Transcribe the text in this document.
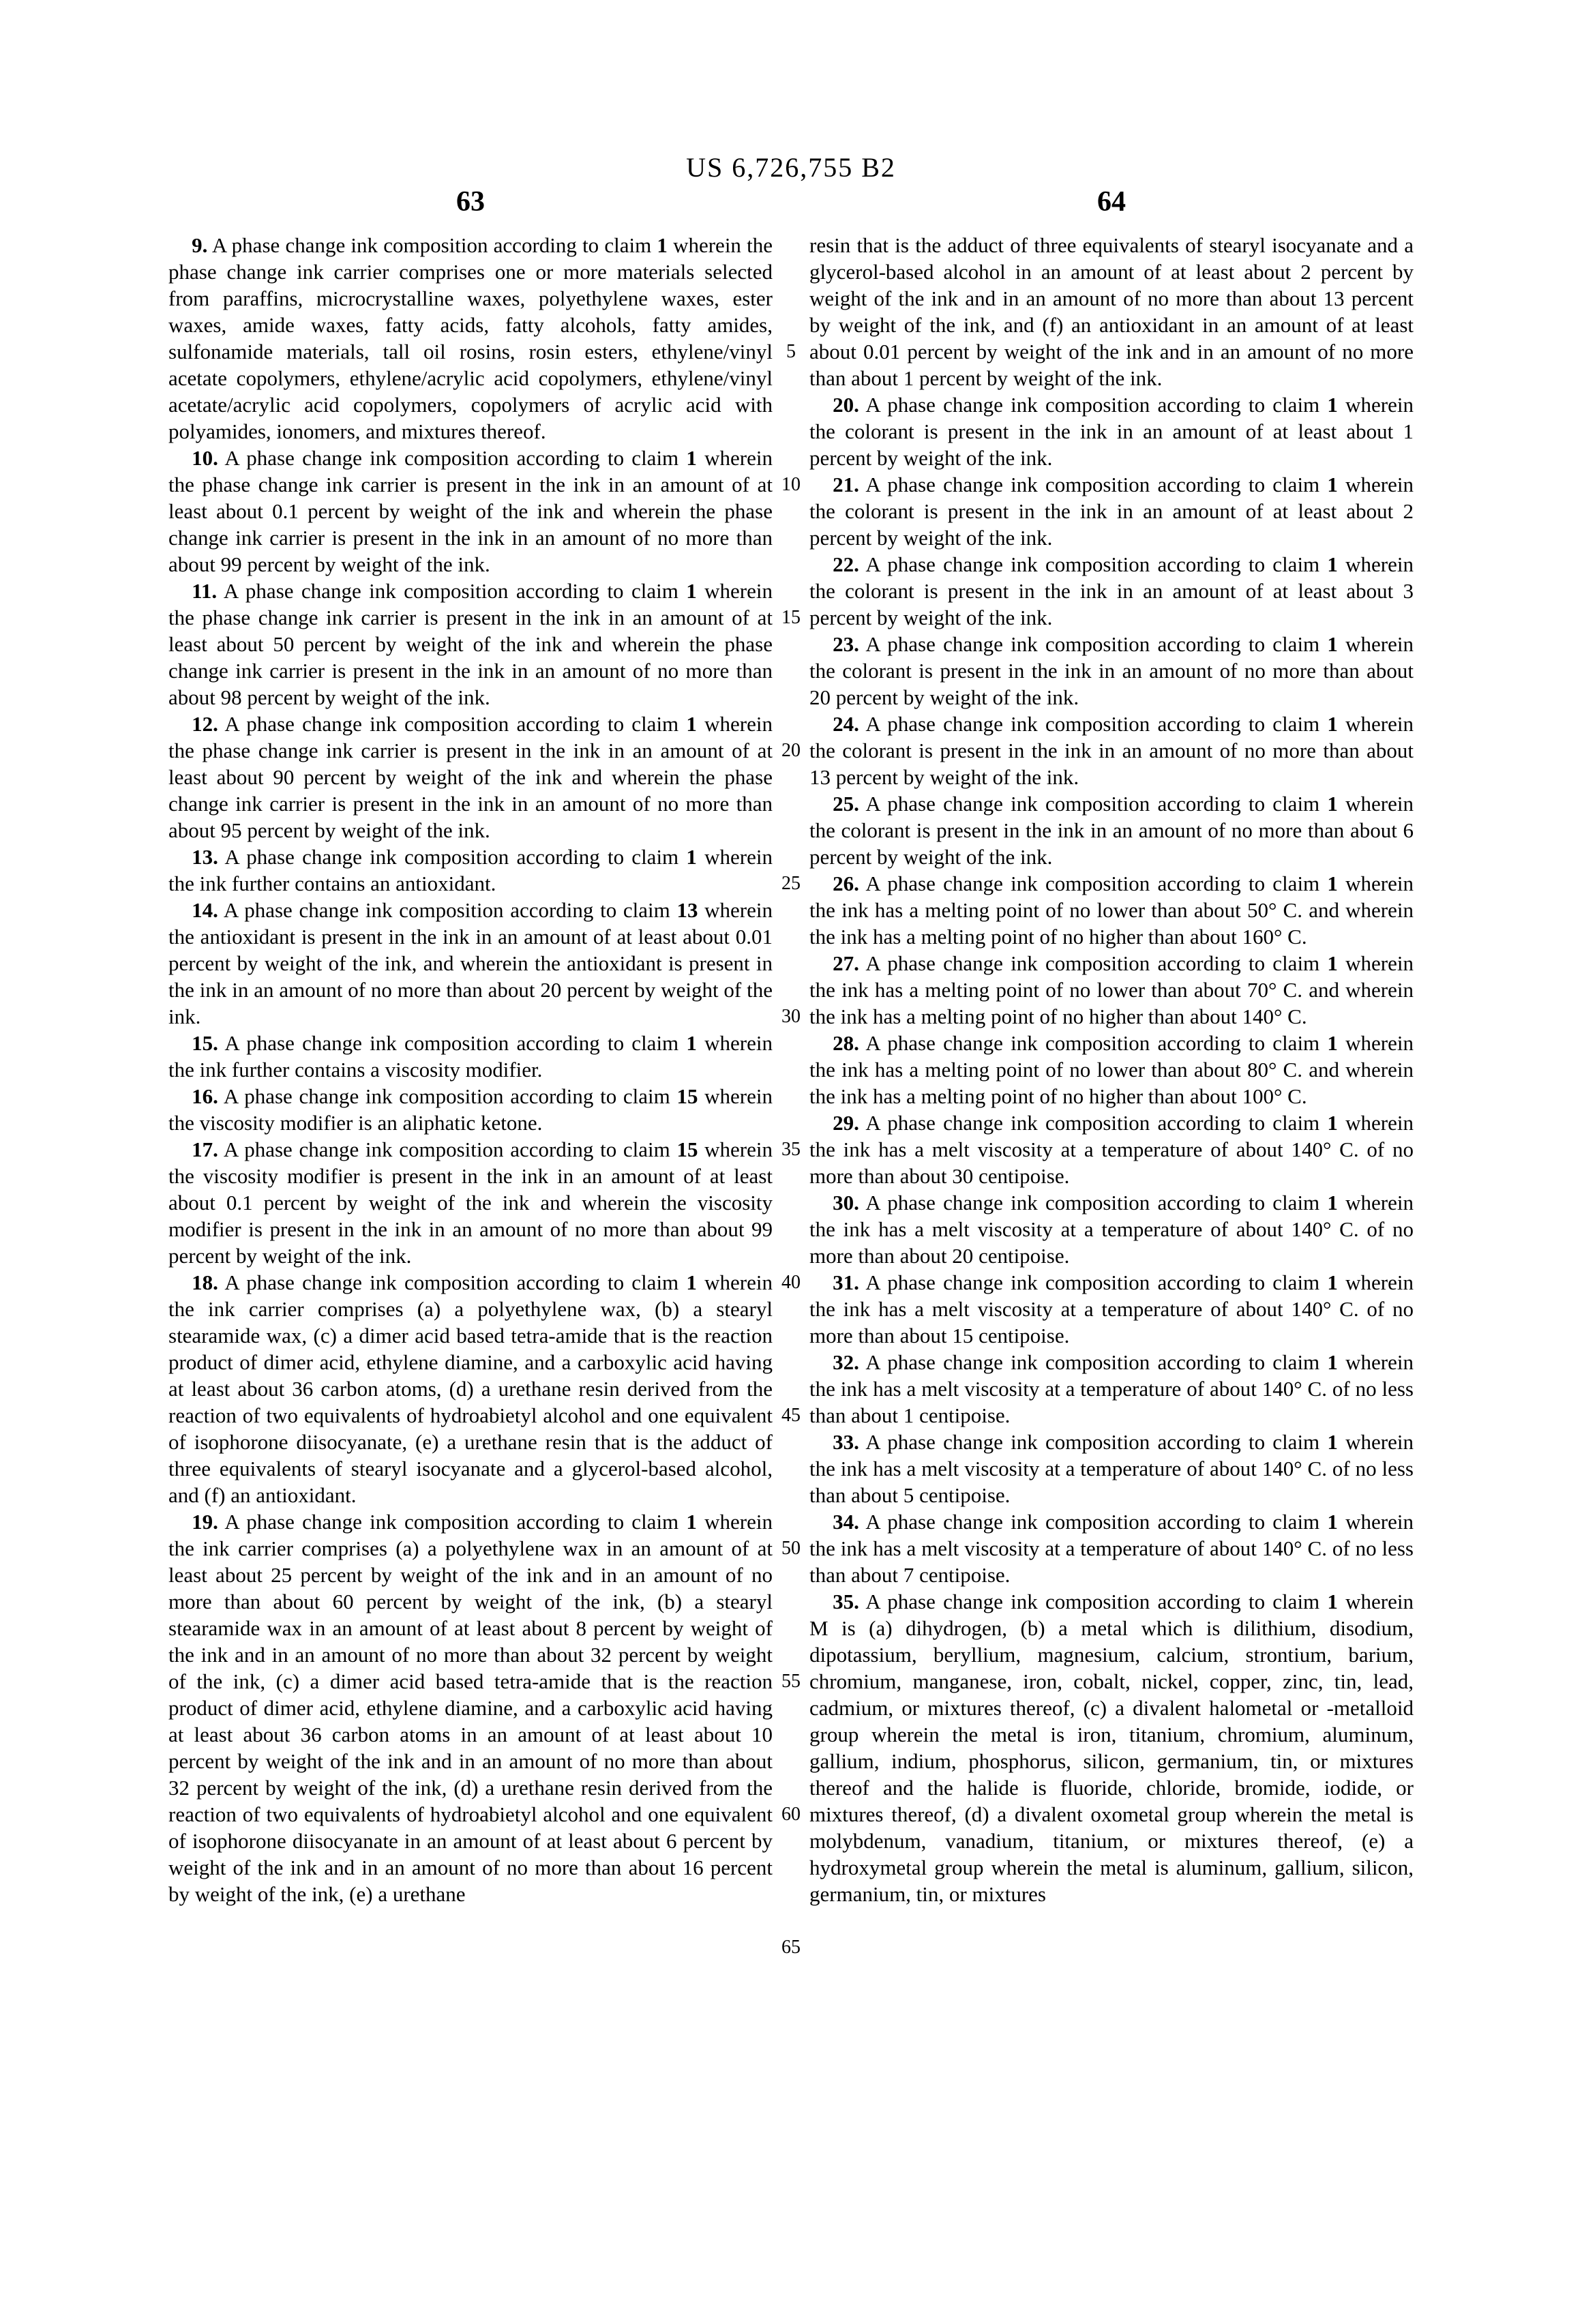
US 6,726,755 B2
63	64

9. A phase change ink composition according to claim 1 wherein the phase change ink carrier comprises one or more materials selected from paraffins, microcrystalline waxes, polyethylene waxes, ester waxes, amide waxes, fatty acids, fatty alcohols, fatty amides, sulfonamide materials, tall oil rosins, rosin esters, ethylene/vinyl acetate copolymers, ethylene/acrylic acid copolymers, ethylene/vinyl acetate/acrylic acid copolymers, copolymers of acrylic acid with polyamides, ionomers, and mixtures thereof.

10. A phase change ink composition according to claim 1 wherein the phase change ink carrier is present in the ink in an amount of at least about 0.1 percent by weight of the ink and wherein the phase change ink carrier is present in the ink in an amount of no more than about 99 percent by weight of the ink.

11. A phase change ink composition according to claim 1 wherein the phase change ink carrier is present in the ink in an amount of at least about 50 percent by weight of the ink and wherein the phase change ink carrier is present in the ink in an amount of no more than about 98 percent by weight of the ink.

12. A phase change ink composition according to claim 1 wherein the phase change ink carrier is present in the ink in an amount of at least about 90 percent by weight of the ink and wherein the phase change ink carrier is present in the ink in an amount of no more than about 95 percent by weight of the ink.

13. A phase change ink composition according to claim 1 wherein the ink further contains an antioxidant.

14. A phase change ink composition according to claim 13 wherein the antioxidant is present in the ink in an amount of at least about 0.01 percent by weight of the ink, and wherein the antioxidant is present in the ink in an amount of no more than about 20 percent by weight of the ink.

15. A phase change ink composition according to claim 1 wherein the ink further contains a viscosity modifier.

16. A phase change ink composition according to claim 15 wherein the viscosity modifier is an aliphatic ketone.

17. A phase change ink composition according to claim 15 wherein the viscosity modifier is present in the ink in an amount of at least about 0.1 percent by weight of the ink and wherein the viscosity modifier is present in the ink in an amount of no more than about 99 percent by weight of the ink.

18. A phase change ink composition according to claim 1 wherein the ink carrier comprises (a) a polyethylene wax, (b) a stearyl stearamide wax, (c) a dimer acid based tetra-amide that is the reaction product of dimer acid, ethylene diamine, and a carboxylic acid having at least about 36 carbon atoms, (d) a urethane resin derived from the reaction of two equivalents of hydroabietyl alcohol and one equivalent of isophorone diisocyanate, (e) a urethane resin that is the adduct of three equivalents of stearyl isocyanate and a glycerol-based alcohol, and (f) an antioxidant.

19. A phase change ink composition according to claim 1 wherein the ink carrier comprises (a) a polyethylene wax in an amount of at least about 25 percent by weight of the ink and in an amount of no more than about 60 percent by weight of the ink, (b) a stearyl stearamide wax in an amount of at least about 8 percent by weight of the ink and in an amount of no more than about 32 percent by weight of the ink, (c) a dimer acid based tetra-amide that is the reaction product of dimer acid, ethylene diamine, and a carboxylic acid having at least about 36 carbon atoms in an amount of at least about 10 percent by weight of the ink and in an amount of no more than about 32 percent by weight of the ink, (d) a urethane resin derived from the reaction of two equivalents of hydroabietyl alcohol and one equivalent of isophorone diisocyanate in an amount of at least about 6 percent by weight of the ink and in an amount of no more than about 16 percent by weight of the ink, (e) a urethane

resin that is the adduct of three equivalents of stearyl isocyanate and a glycerol-based alcohol in an amount of at least about 2 percent by weight of the ink and in an amount of no more than about 13 percent by weight of the ink, and (f) an antioxidant in an amount of at least about 0.01 percent by weight of the ink and in an amount of no more than about 1 percent by weight of the ink.

20. A phase change ink composition according to claim 1 wherein the colorant is present in the ink in an amount of at least about 1 percent by weight of the ink.

21. A phase change ink composition according to claim 1 wherein the colorant is present in the ink in an amount of at least about 2 percent by weight of the ink.

22. A phase change ink composition according to claim 1 wherein the colorant is present in the ink in an amount of at least about 3 percent by weight of the ink.

23. A phase change ink composition according to claim 1 wherein the colorant is present in the ink in an amount of no more than about 20 percent by weight of the ink.

24. A phase change ink composition according to claim 1 wherein the colorant is present in the ink in an amount of no more than about 13 percent by weight of the ink.

25. A phase change ink composition according to claim 1 wherein the colorant is present in the ink in an amount of no more than about 6 percent by weight of the ink.

26. A phase change ink composition according to claim 1 wherein the ink has a melting point of no lower than about 50° C. and wherein the ink has a melting point of no higher than about 160° C.

27. A phase change ink composition according to claim 1 wherein the ink has a melting point of no lower than about 70° C. and wherein the ink has a melting point of no higher than about 140° C.

28. A phase change ink composition according to claim 1 wherein the ink has a melting point of no lower than about 80° C. and wherein the ink has a melting point of no higher than about 100° C.

29. A phase change ink composition according to claim 1 wherein the ink has a melt viscosity at a temperature of about 140° C. of no more than about 30 centipoise.

30. A phase change ink composition according to claim 1 wherein the ink has a melt viscosity at a temperature of about 140° C. of no more than about 20 centipoise.

31. A phase change ink composition according to claim 1 wherein the ink has a melt viscosity at a temperature of about 140° C. of no more than about 15 centipoise.

32. A phase change ink composition according to claim 1 wherein the ink has a melt viscosity at a temperature of about 140° C. of no less than about 1 centipoise.

33. A phase change ink composition according to claim 1 wherein the ink has a melt viscosity at a temperature of about 140° C. of no less than about 5 centipoise.

34. A phase change ink composition according to claim 1 wherein the ink has a melt viscosity at a temperature of about 140° C. of no less than about 7 centipoise.

35. A phase change ink composition according to claim 1 wherein M is (a) dihydrogen, (b) a metal which is dilithium, disodium, dipotassium, beryllium, magnesium, calcium, strontium, barium, chromium, manganese, iron, cobalt, nickel, copper, zinc, tin, lead, cadmium, or mixtures thereof, (c) a divalent halometal or -metalloid group wherein the metal is iron, titanium, chromium, aluminum, gallium, indium, phosphorus, silicon, germanium, tin, or mixtures thereof and the halide is fluoride, chloride, bromide, iodide, or mixtures thereof, (d) a divalent oxometal group wherein the metal is molybdenum, vanadium, titanium, or mixtures thereof, (e) a hydroxymetal group wherein the metal is aluminum, gallium, silicon, germanium, tin, or mixtures

5
10
15
20
25
30
35
40
45
50
55
60
65
